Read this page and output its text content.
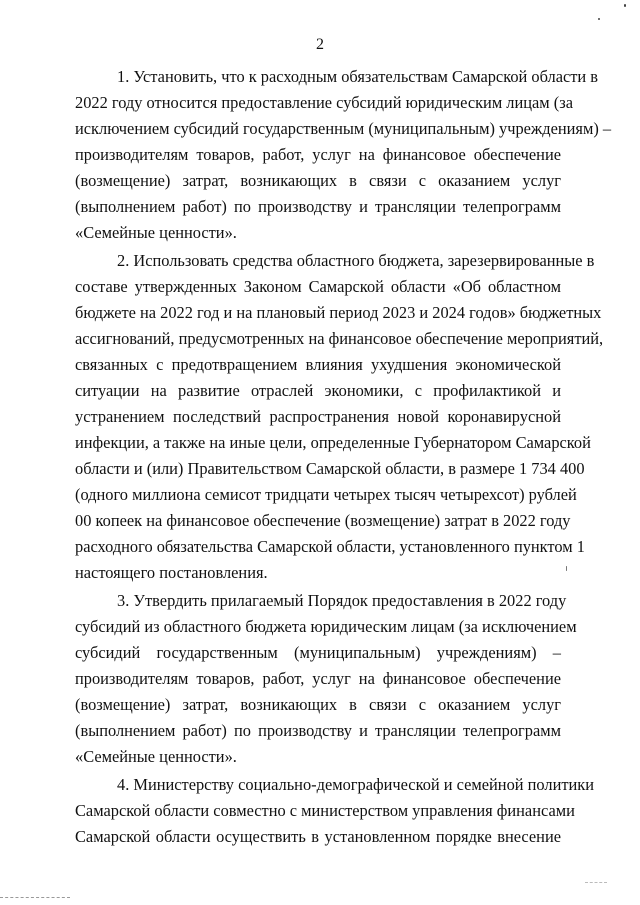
2
1. Установить, что к расходным обязательствам Самарской области в
2022 году относится предоставление субсидий юридическим лицам (за
исключением субсидий государственным (муниципальным) учреждениям) –
производителям товаров, работ, услуг на финансовое обеспечение
(возмещение) затрат, возникающих в связи с оказанием услуг
(выполнением работ) по производству и трансляции телепрограмм
«Семейные ценности».
2. Использовать средства областного бюджета, зарезервированные в
составе утвержденных Законом Самарской области «Об областном
бюджете на 2022 год и на плановый период 2023 и 2024 годов» бюджетных
ассигнований, предусмотренных на финансовое обеспечение мероприятий,
связанных с предотвращением влияния ухудшения экономической
ситуации на развитие отраслей экономики, с профилактикой и
устранением последствий распространения новой коронавирусной
инфекции, а также на иные цели, определенные Губернатором Самарской
области и (или) Правительством Самарской области, в размере 1 734 400
(одного миллиона семисот тридцати четырех тысяч четырехсот) рублей
00 копеек на финансовое обеспечение (возмещение) затрат в 2022 году
расходного обязательства Самарской области, установленного пунктом 1
настоящего постановления.
3. Утвердить прилагаемый Порядок предоставления в 2022 году
субсидий из областного бюджета юридическим лицам (за исключением
субсидий государственным (муниципальным) учреждениям) –
производителям товаров, работ, услуг на финансовое обеспечение
(возмещение) затрат, возникающих в связи с оказанием услуг
(выполнением работ) по производству и трансляции телепрограмм
«Семейные ценности».
4. Министерству социально-демографической и семейной политики
Самарской области совместно с министерством управления финансами
Самарской области осуществить в установленном порядке внесение
